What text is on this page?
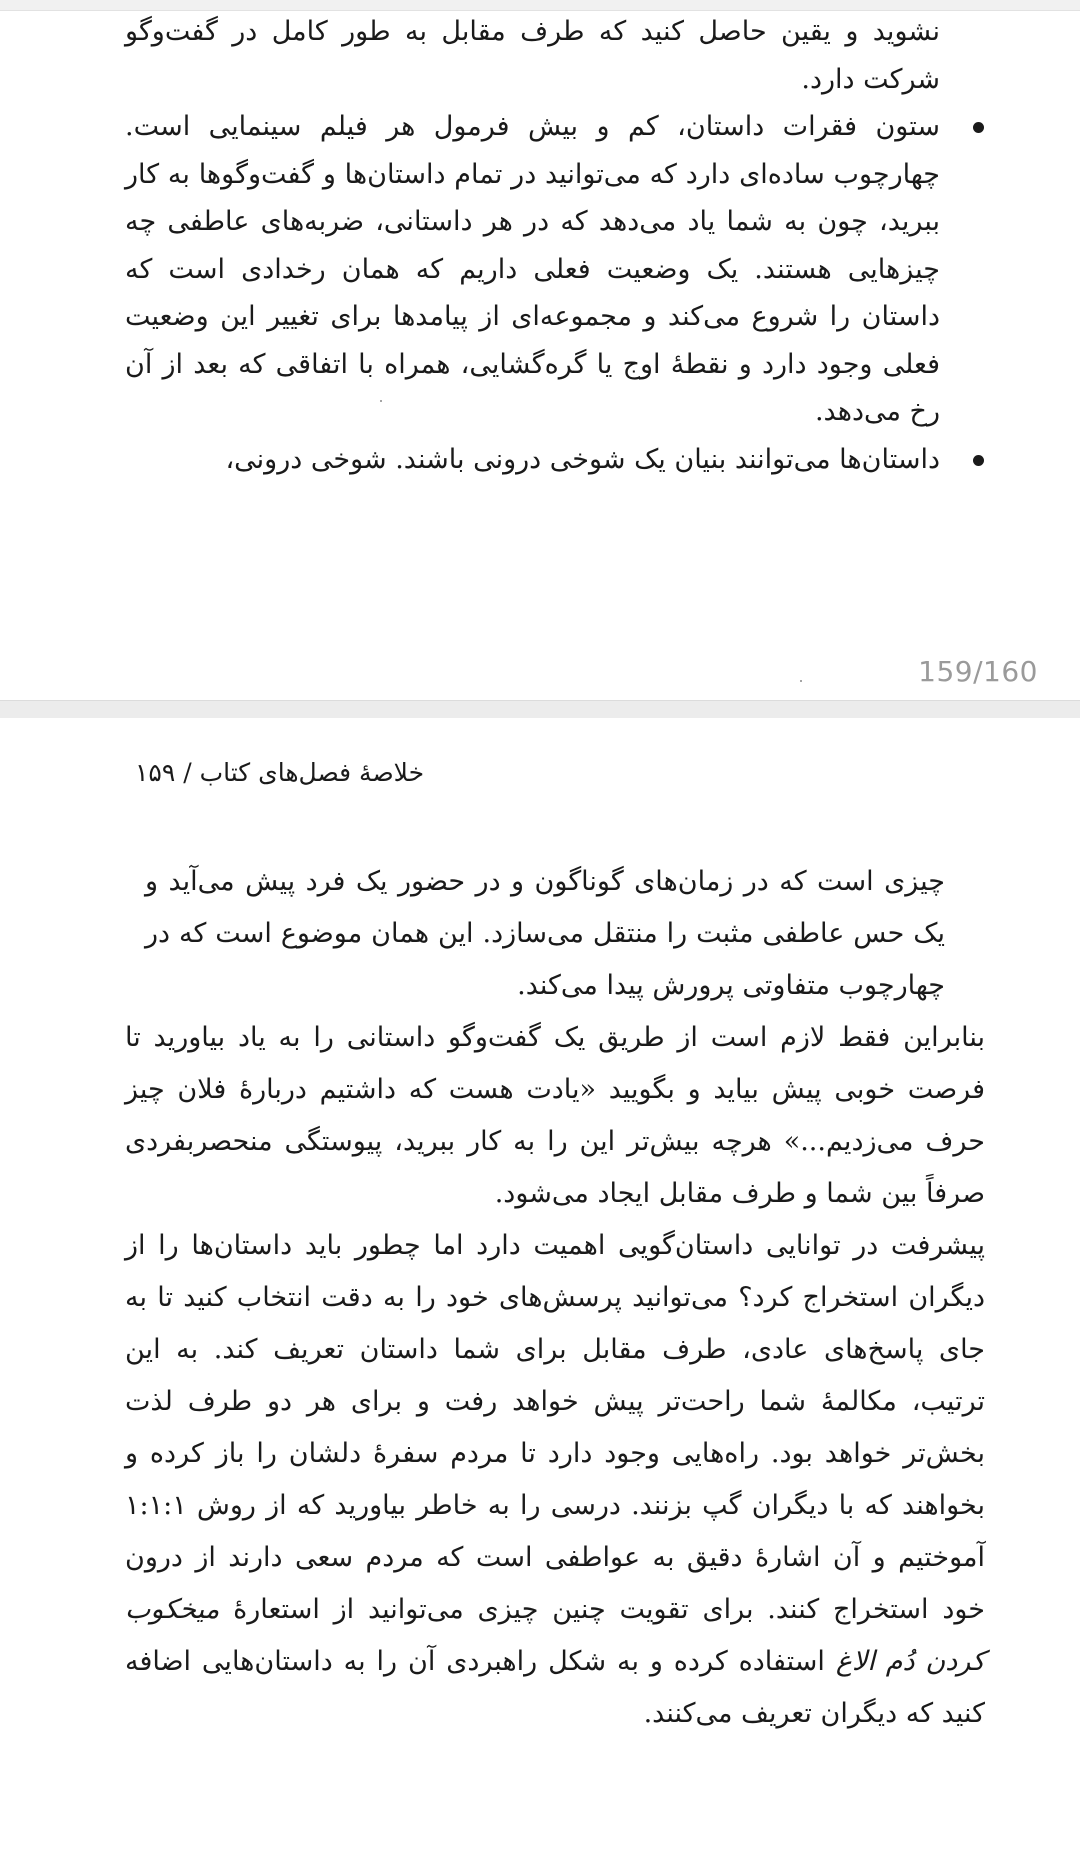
نشوید و یقین حاصل کنید که طرف مقابل به طور کامل در گفت‌وگو شرکت دارد.

ستون فقرات داستان، کم و بیش فرمول هر فیلم سینمایی است. چهارچوب ساده‌ای دارد که می‌توانید در تمام داستان‌ها و گفت‌وگوها به کار ببرید، چون به شما یاد می‌دهد که در هر داستانی، ضربه‌های عاطفی چه چیزهایی هستند. یک وضعیت فعلی داریم که همان رخدادی است که داستان را شروع می‌کند و مجموعه‌ای از پیامدها برای تغییر این وضعیت فعلی وجود دارد و نقطهٔ اوج یا گره‌گشایی، همراه با اتفاقی که بعد از آن رخ می‌دهد.
داستان‌ها می‌توانند بنیان یک شوخی درونی باشند. شوخی درونی،
159/160
خلاصهٔ فصل‌های کتاب / ۱۵۹

چیزی است که در زمان‌های گوناگون و در حضور یک فرد پیش می‌آید و یک حس عاطفی مثبت را منتقل می‌سازد. این همان موضوع است که در چهارچوب متفاوتی پرورش پیدا می‌کند.

بنابراین فقط لازم است از طریق یک گفت‌وگو داستانی را به یاد بیاورید تا فرصت خوبی پیش بیاید و بگویید «یادت هست که داشتیم دربارهٔ فلان چیز حرف می‌زدیم...» هرچه بیش‌تر این را به کار ببرید، پیوستگی منحصربفردی صرفاً بین شما و طرف مقابل ایجاد می‌شود.

پیشرفت در توانایی داستان‌گویی اهمیت دارد اما چطور باید داستان‌ها را از دیگران استخراج کرد؟ می‌توانید پرسش‌های خود را به دقت انتخاب کنید تا به جای پاسخ‌های عادی، طرف مقابل برای شما داستان تعریف کند. به این ترتیب، مکالمهٔ شما راحت‌تر پیش خواهد رفت و برای هر دو طرف لذت بخش‌تر خواهد بود. راه‌هایی وجود دارد تا مردم سفرهٔ دلشان را باز کرده و بخواهند که با دیگران گپ بزنند. درسی را به خاطر بیاورید که از روش ۱:۱:۱ آموختیم و آن اشارهٔ دقیق به عواطفی است که مردم سعی دارند از درون خود استخراج کنند. برای تقویت چنین چیزی می‌توانید از استعارهٔ میخکوب کردن دُم الاغ استفاده کرده و به شکل راهبردی آن را به داستان‌هایی اضافه کنید که دیگران تعریف می‌کنند.
